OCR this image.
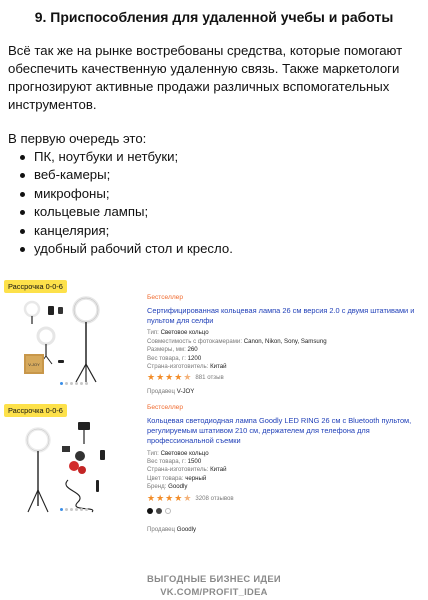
9. Приспособления для удаленной учебы и работы

Всё так же на рынке востребованы средства, которые помогают обеспечить качественную удаленную связь. Также маркетологи прогнозируют активные продажи различных вспомогательных инструментов.

В первую очередь это:

ПК, ноутбуки и нетбуки;
веб-камеры;
микрофоны;
кольцевые лампы;
канцелярия;
удобный рабочий стол и кресло.
Рассрочка 0-0-6
V-JOY
Бестселлер
Сертифицированная кольцевая лампа 26 см версия 2.0 с двумя штативами и пультом для селфи
Тип: Световое кольцо
Совместимость с фотокамерами: Canon, Nikon, Sony, Samsung
Размеры, мм: 260
Вес товара, г: 1200
Страна-изготовитель: Китай
★ ★ ★ ★ ★ 881 отзыв
Продавец V-JOY
Рассрочка 0-0-6	Бестселлер
Кольцевая светодиодная лампа Goodly LED RING 26 см с Bluetooth пультом, регулируемым штативом 210 см, держателем для телефона для профессиональной съемки
Тип: Световое кольцо
Вес товара, г: 1500
Страна-изготовитель: Китай
Цвет товара: черный
Бренд: Goodly
★ ★ ★ ★ ★ 3208 отзывов
Продавец Goodly
ВЫГОДНЫЕ БИЗНЕС ИДЕИ
VK.COM/PROFIT_IDEA
